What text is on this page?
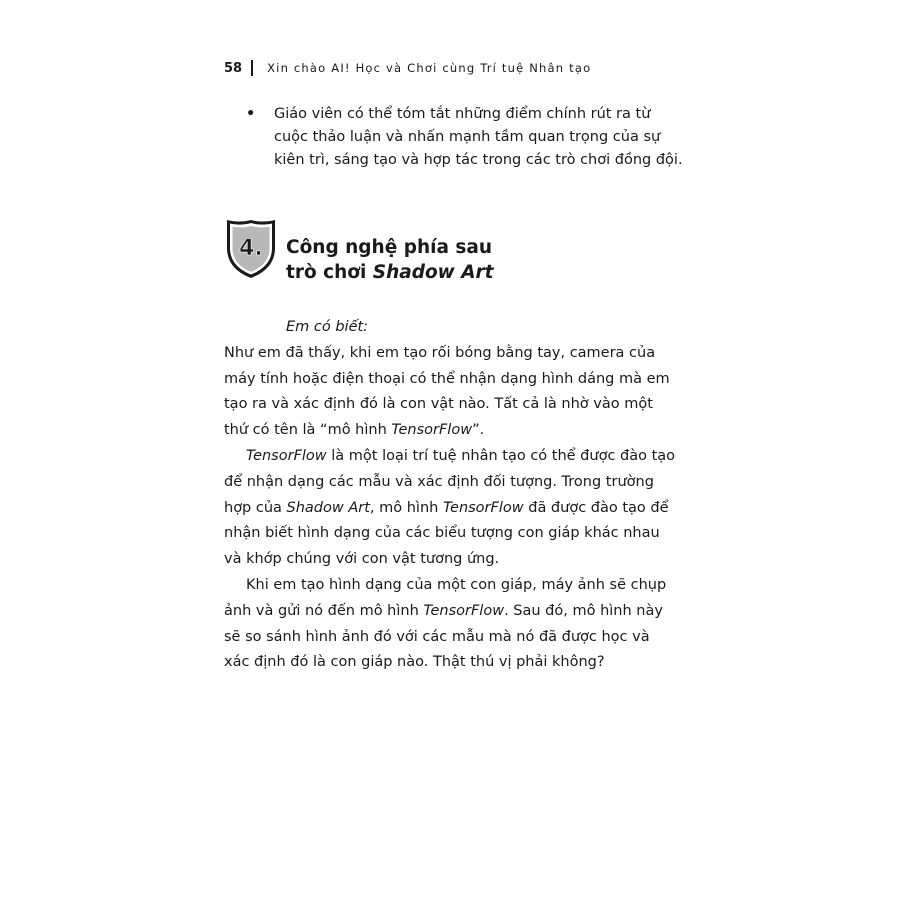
58 Xin chào AI! Học và Chơi cùng Trí tuệ Nhân tạo
•	Giáo viên có thể tóm tắt những điểm chính rút ra từ cuộc thảo luận và nhấn mạnh tầm quan trọng của sự kiên trì, sáng tạo và hợp tác trong các trò chơi đồng đội.
4. Công nghệ phía sau
trò chơi Shadow Art
Em có biết:

Như em đã thấy, khi em tạo rối bóng bằng tay, camera của máy tính hoặc điện thoại có thể nhận dạng hình dáng mà em tạo ra và xác định đó là con vật nào. Tất cả là nhờ vào một thứ có tên là “mô hình TensorFlow”.

TensorFlow là một loại trí tuệ nhân tạo có thể được đào tạo để nhận dạng các mẫu và xác định đối tượng. Trong trường hợp của Shadow Art, mô hình TensorFlow đã được đào tạo để nhận biết hình dạng của các biểu tượng con giáp khác nhau và khớp chúng với con vật tương ứng.

Khi em tạo hình dạng của một con giáp, máy ảnh sẽ chụp ảnh và gửi nó đến mô hình TensorFlow. Sau đó, mô hình này sẽ so sánh hình ảnh đó với các mẫu mà nó đã được học và xác định đó là con giáp nào. Thật thú vị phải không?
